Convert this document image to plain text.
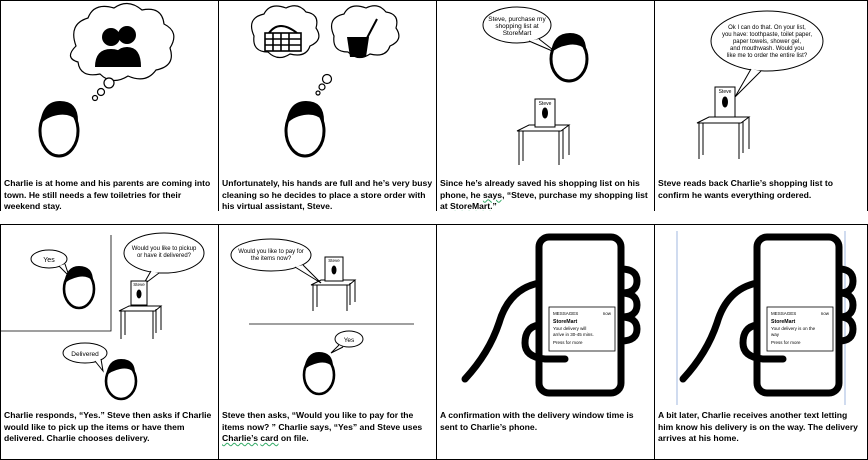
Charlie is at home and his parents are coming into town. He still needs a few toiletries for their weekend stay.
Unfortunately, his hands are full and he’s very busy cleaning so he decides to place a store order with his virtual assistant, Steve.
Steve, purchase my
shopping list at
StoreMart
Steve
Since he’s already saved his shopping list on his phone, he says, “Steve, purchase my shopping list at StoreMart.”
Ok I can do that. On your list,
you have: toothpaste, toilet paper,
paper towels, shower gel,
and mouthwash. Would you
like me to order the entire list?
Steve
Steve reads back Charlie’s shopping list to confirm he wants everything ordered.
Yes
Would you like to pickup
or have it delivered?
Steve
Delivered
Charlie responds, “Yes.” Steve then asks if Charlie would like to pick up the items or have them delivered. Charlie chooses delivery.
Would you like to pay for
the items now?	Steve
Yes
Steve then asks, “Would you like to pay for the items now? ” Charlie says, “Yes” and Steve uses Charlie’s card on file.
MESSAGES	now
StoreMart
Your delivery will
arrive in 30-45 mins.
Press for more
A confirmation with the delivery window time is sent to Charlie’s phone.
MESSAGES	now
StoreMart
Your delivery is on the
way
Press for more
A bit later, Charlie receives another text letting him know his delivery is on the way. The delivery arrives at his home.
